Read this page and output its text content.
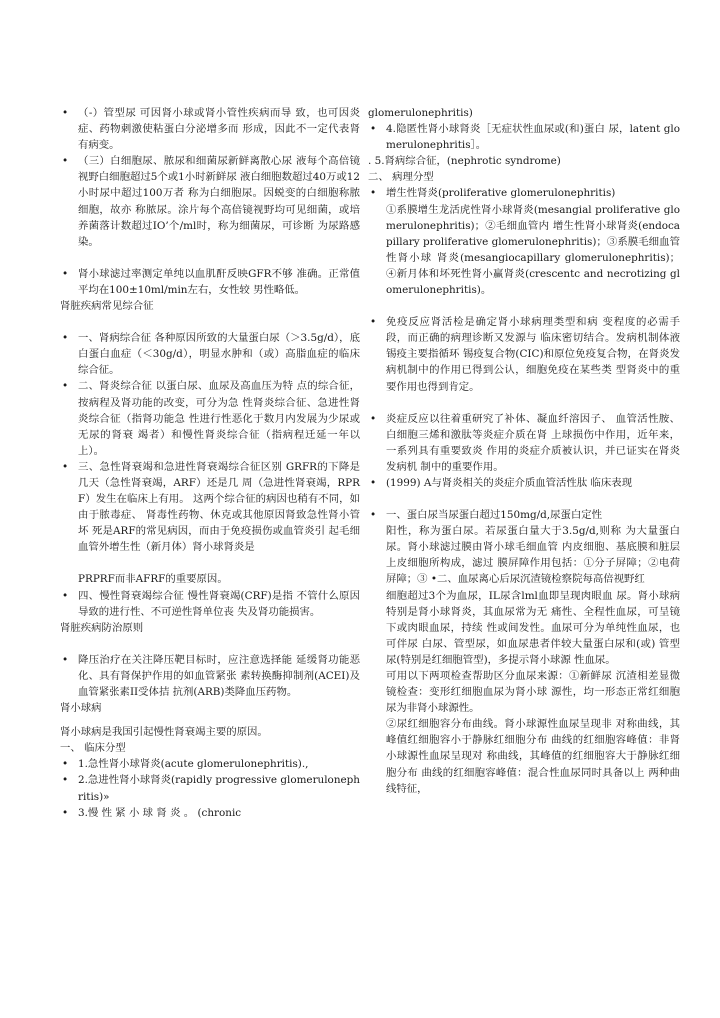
• （-）管型尿 可因肾小球或肾小管性疾病而导 致，也可因炎症、药物刺激使粘蛋白分泌增多而 形成，因此不一定代表肾有病变。

• （三）白细胞尿、脓尿和细菌尿新鲜离散心尿 液每个高倍镜视野白细胞超过5个或1小时新鲜尿 液白细胞数超过40万或12小时尿中超过100万者 称为白细胞尿。因蜕变的白细胞称脓细胞，故亦 称脓尿。涂片每个高倍镜视野均可见细菌，或培 养菌落计数超过IO’个/ml时，称为细菌尿，可诊断 为尿路感染。

• 肾小球滤过率测定单纯以血肌酐反映GFR不够 准确。正常值平均在100±10ml/min左右，女性较 男性略低。

肾脏疾病常见综合征

• 一、肾病综合征 各种原因所致的大量蛋白尿（＞3.5g/d），底白蛋白血症（＜30g/d），明显水肿和（或）高脂血症的临床综合征。

• 二、肾炎综合征 以蛋白尿、血尿及高血压为特 点的综合征，按病程及肾功能的改变，可分为急 性肾炎综合征、急进性肾炎综合征（指肾功能急 性进行性恶化于数月内发展为少尿或无尿的肾衰 竭者）和慢性肾炎综合征（指病程迁延一年以上）。

• 三、急性肾衰竭和急进性肾衰竭综合征区别 GRFR的下降是几天（急性肾衰竭，ARF）还是几 周（急进性肾衰竭，RPRF）发生在临床上有用。 这两个综合征的病因也稍有不同，如由于脓毒症、 肾毒性药物、休克或其他原因肾致急性肾小管坏 死是ARF的常见病因，而由于免疫损伤或血管炎引 起毛细血管外增生性（新月体）肾小球肾炎是

PRPRF而非AFRF的重要原因。

• 四、慢性肾衰竭综合征 慢性肾衰竭(CRF)是指 不管什么原因导致的进行性、不可逆性肾单位丧 失及肾功能损害。

肾脏疾病防治原则

• 降压治疗在关注降压靶目标时，应注意选择能 延缓肾功能恶化、具有肾保护作用的如血管紧张 素转换酶抑制剂(ACEI)及血管紧张素II受体拮 抗剂(ARB)类降血压药物。

肾小球病

肾小球病是我国引起慢性肾衰竭主要的原因。

一、 临床分型

• 1.急性肾小球肾炎(acute glomerulonephritis).,

• 2.急进性肾小球肾炎(rapidly progressive glomerulonephritis)»

• 3.慢 性 紧 小 球 肾 炎 。 (chronic

glomerulonephritis)

• 4.隐匿性肾小球肾炎［无症状性血尿或(和)蛋白 尿，latent glomerulonephritis］。

. 5.肾病综合征，(nephrotic syndrome)

二、 病理分型

• 增生性肾炎(proliferative glomerulonephritis)

①系膜增生龙活虎性肾小球肾炎(mesangial proliferative glomerulonephritis)；②毛细血管内 增生性肾小球肾炎(endocapillary proliferative glomerulonephritis)；③系膜毛细血管性肾小球 肾炎(mesangiocapillary glomerulonephritis)； ④新月体和坏死性肾小赢肾炎(crescentc and necrotizing glomerulonephritis)。

• 免疫反应肾活检是确定肾小球病理类型和病 变程度的必需手段，而正确的病理诊断又发源与 临床密切结合。发病机制体液锡疫主要指循环 锡疫复合物(CIC)和原位免疫复合物，在肾炎发 病机制中的作用已得到公认，细胞免疫在某些类 型肾炎中的重要作用也得到肯定。

• 炎症反应以往着重研究了补体、凝血纤溶因子、 血管活性胺、白细胞三烯和激肽等炎症介质在肾 上球损伤中作用，近年来，一系列具有重要致炎 作用的炎症介质被认识，并已证实在肾炎发病机 制中的重要作用。

• (1999) A与肾炎相关的炎症介质血管活性肽 临床表现

• 一、蛋白尿当尿蛋白超过150mg/d,尿蛋白定性

阳性，称为蛋白尿。若尿蛋白量大于3.5g/d,则称 为大量蛋白尿。肾小球滤过膜由肾小球毛细血管 内皮细胞、基底膜和脏层上皮细胞所构成，滤过 膜屏障作用包括：①分子屏障；②电荷屏障；③ •二、血尿离心后尿沉渣镜检察院每高倍视野红

细胞超过3个为血尿，IL尿含lml血即呈现肉眼血 尿。肾小球病特别是肾小球肾炎，其血尿常为无 痛性、全程性血尿，可呈镜下或肉眼血尿，持续 性或间发性。血尿可分为单纯性血尿，也可伴尿 白尿、管型尿，如血尿患者伴较大量蛋白尿和(或) 管型尿(特别是红细胞管型)，多提示肾小球源 性血尿。

可用以下两项检查帮助区分血尿来源：①新鲜尿 沉渣相差显微镜检查：变形红细胞血尿为肾小球 源性，均一形态正常红细胞尿为非肾小球源性。

②尿红细胞容分布曲线。肾小球源性血尿呈现非 对称曲线，其峰值红细胞容小于静脉红细胞分布 曲线的红细胞容峰值：非肾小球源性血尿呈现对 称曲线，其峰值的红细胞容大于静脉红细胞分布 曲线的红细胞容峰值：混合性血尿同时具备以上 两种曲线特征，
